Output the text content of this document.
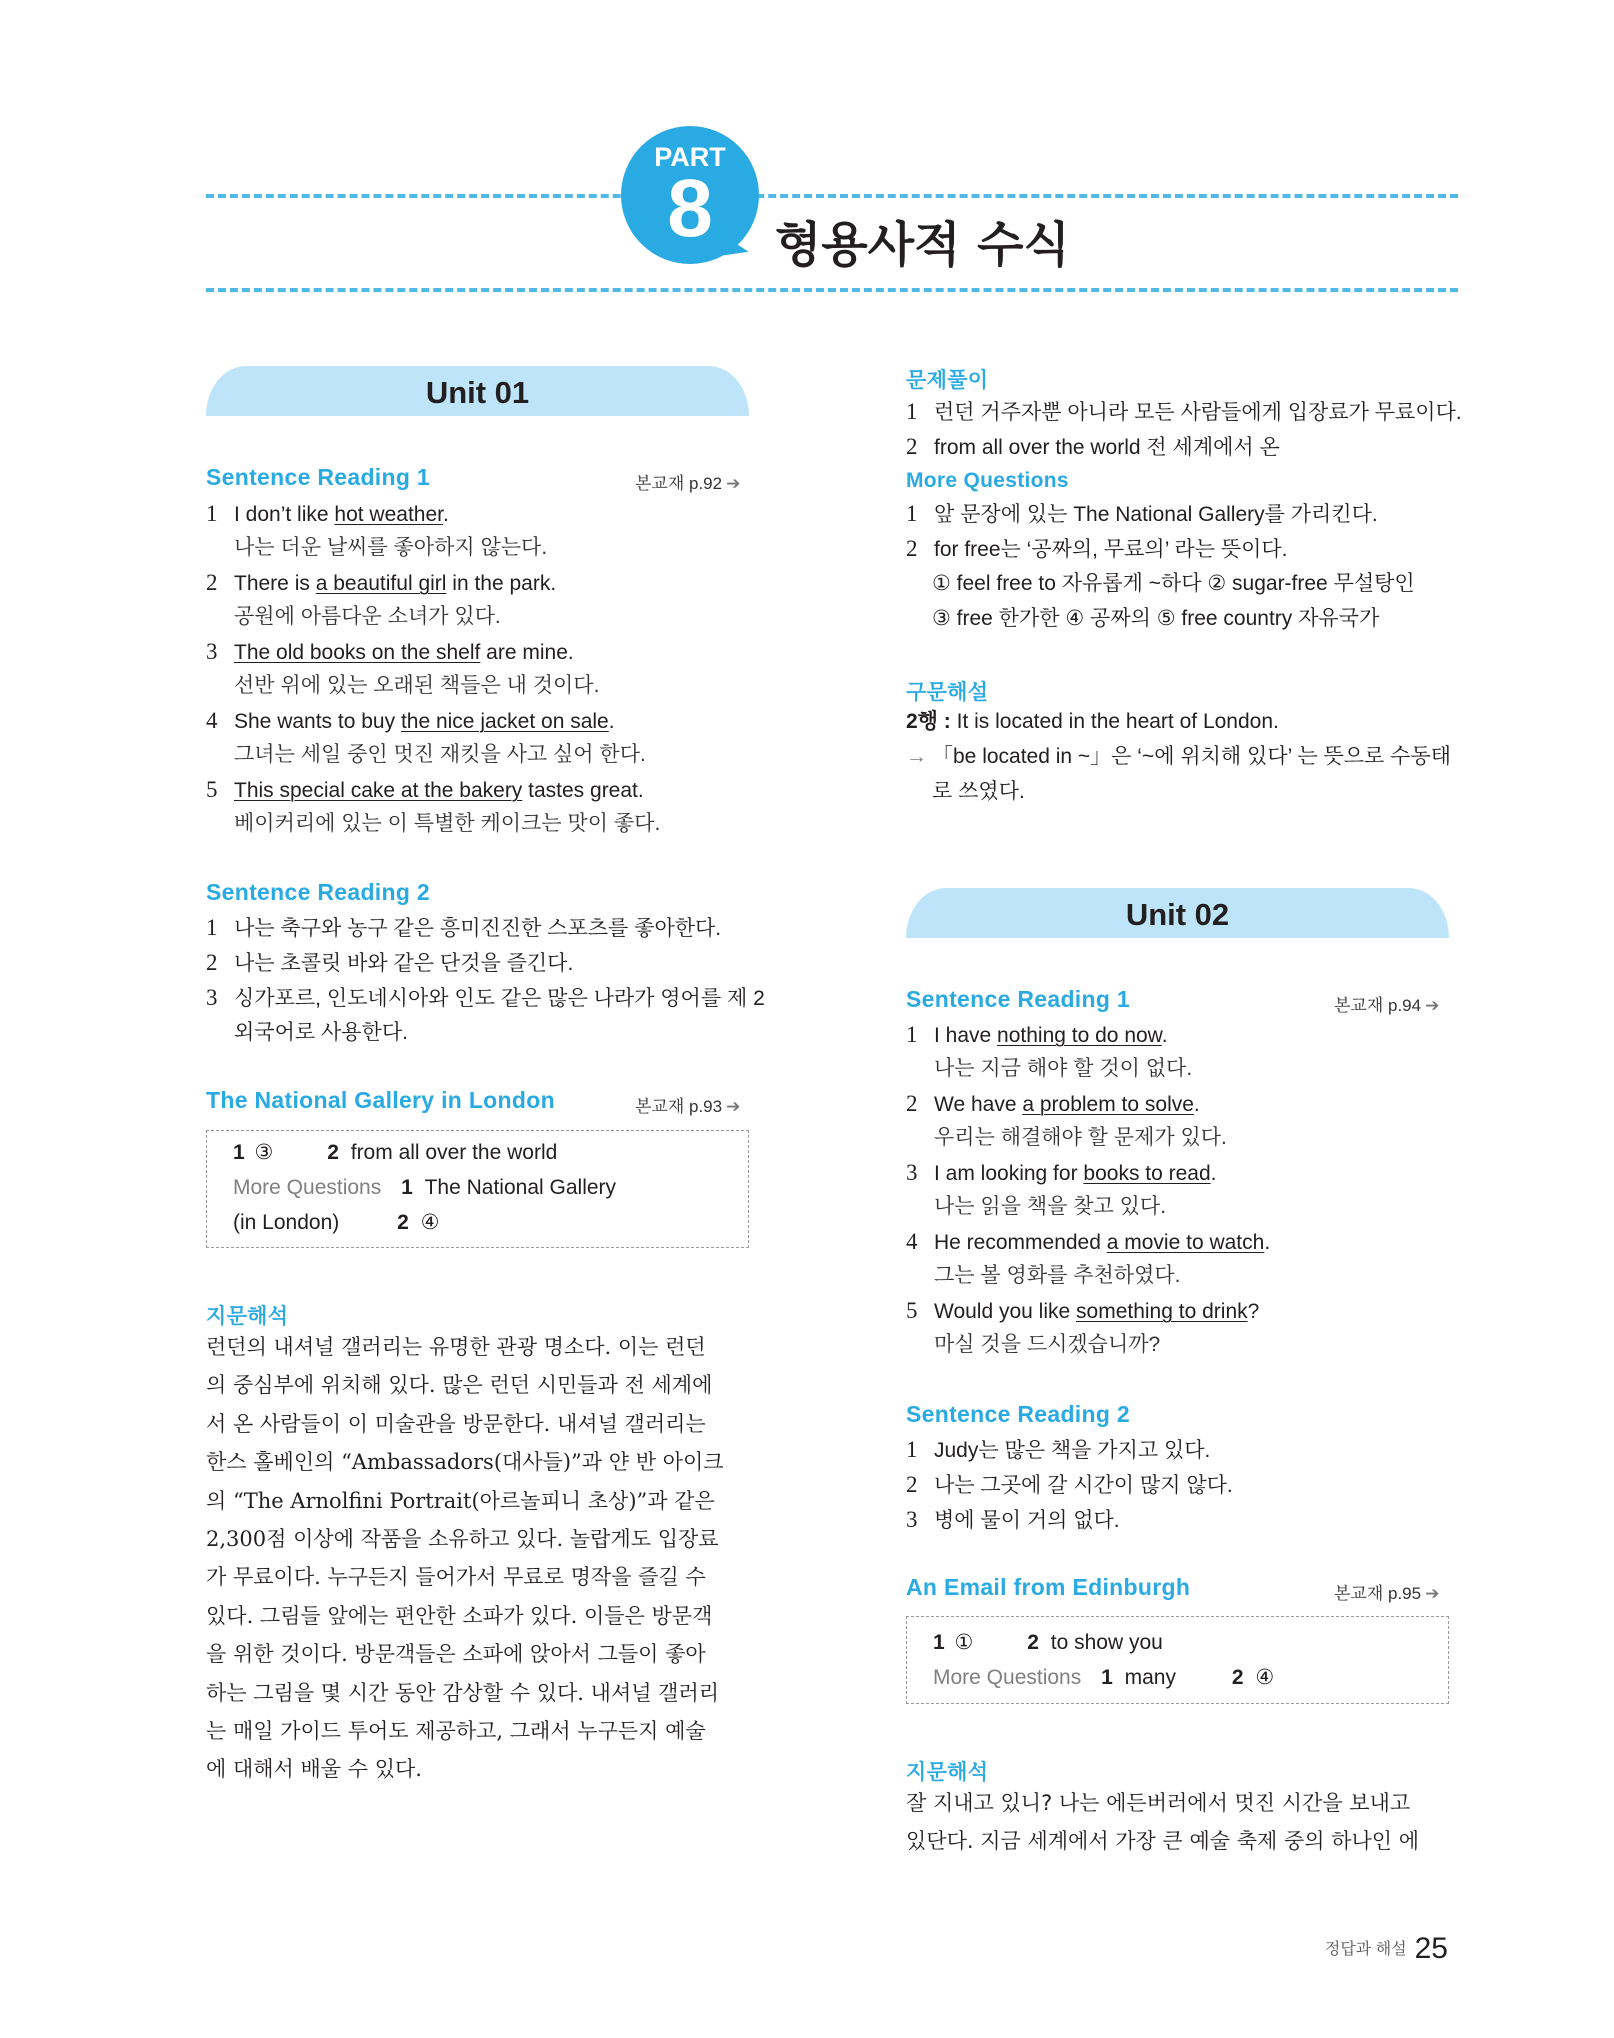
PART
8	형용사적 수식
Unit 01
Sentence Reading 1	본교재 p.92 ➔
1 I don’t like hot weather.
나는 더운 날씨를 좋아하지 않는다.
2 There is a beautiful girl in the park.
공원에 아름다운 소녀가 있다.
3 The old books on the shelf are mine.
선반 위에 있는 오래된 책들은 내 것이다.
4 She wants to buy the nice jacket on sale.
그녀는 세일 중인 멋진 재킷을 사고 싶어 한다.
5 This special cake at the bakery tastes great.
베이커리에 있는 이 특별한 케이크는 맛이 좋다.
Sentence Reading 2
1 나는 축구와 농구 같은 흥미진진한 스포츠를 좋아한다.
2 나는 초콜릿 바와 같은 단것을 즐긴다.
3 싱가포르, 인도네시아와 인도 같은 많은 나라가 영어를 제 2
외국어로 사용한다.
The National Gallery in London	본교재 p.93 ➔
1 ③	2 from all over the world
More Questions 1 The National Gallery
(in London)	2 ④
지문해석
런던의 내셔널 갤러리는 유명한 관광 명소다. 이는 런던
의 중심부에 위치해 있다. 많은 런던 시민들과 전 세계에
서 온 사람들이 이 미술관을 방문한다. 내셔널 갤러리는
한스 홀베인의 “Ambassadors(대사들)”과 얀 반 아이크
의 “The Arnolfini Portrait(아르놀피니 초상)”과 같은
2,300점 이상에 작품을 소유하고 있다. 놀랍게도 입장료
가 무료이다. 누구든지 들어가서 무료로 명작을 즐길 수
있다. 그림들 앞에는 편안한 소파가 있다. 이들은 방문객
을 위한 것이다. 방문객들은 소파에 앉아서 그들이 좋아
하는 그림을 몇 시간 동안 감상할 수 있다. 내셔널 갤러리
는 매일 가이드 투어도 제공하고, 그래서 누구든지 예술
에 대해서 배울 수 있다.
문제풀이
1 런던 거주자뿐 아니라 모든 사람들에게 입장료가 무료이다.
2 from all over the world 전 세계에서 온
More Questions
1 앞 문장에 있는 The National Gallery를 가리킨다.
2 for free는 ‘공짜의, 무료의’ 라는 뜻이다.
① feel free to 자유롭게 ~하다 ② sugar-free 무설탕인
③ free 한가한 ④ 공짜의 ⑤ free country 자유국가
구문해설
2행 : It is located in the heart of London.
→ 「be located in ~」은 ‘~에 위치해 있다’ 는 뜻으로 수동태
로 쓰였다.
Unit 02
Sentence Reading 1	본교재 p.94 ➔
1 I have nothing to do now.
나는 지금 해야 할 것이 없다.
2 We have a problem to solve.
우리는 해결해야 할 문제가 있다.
3 I am looking for books to read.
나는 읽을 책을 찾고 있다.
4 He recommended a movie to watch.
그는 볼 영화를 추천하였다.
5 Would you like something to drink?
마실 것을 드시겠습니까?
Sentence Reading 2
1 Judy는 많은 책을 가지고 있다.
2 나는 그곳에 갈 시간이 많지 않다.
3 병에 물이 거의 없다.
An Email from Edinburgh	본교재 p.95 ➔
1 ①	2 to show you
More Questions 1 many	2 ④
지문해석
잘 지내고 있니? 나는 에든버러에서 멋진 시간을 보내고
있단다. 지금 세계에서 가장 큰 예술 축제 중의 하나인 에
정답과 해설 25
